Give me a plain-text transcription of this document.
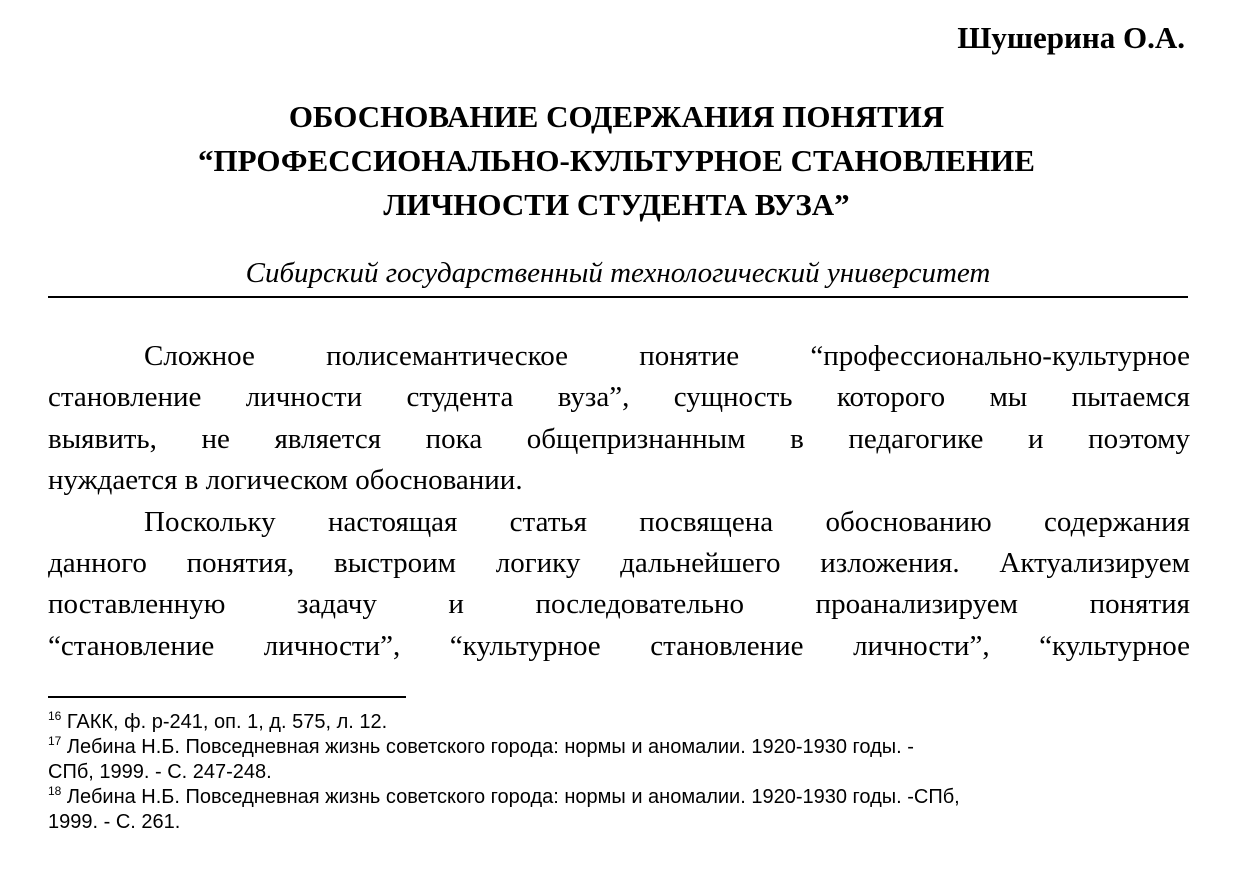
Шушерина О.А.
ОБОСНОВАНИЕ СОДЕРЖАНИЯ ПОНЯТИЯ
“ПРОФЕССИОНАЛЬНО-КУЛЬТУРНОЕ СТАНОВЛЕНИЕ
ЛИЧНОСТИ СТУДЕНТА ВУЗА”
Сибирский государственный технологический университет
Сложное полисемантическое понятие “профессионально-культурное
становление личности студента вуза”, сущность которого мы пытаемся
выявить, не является пока общепризнанным в педагогике и поэтому
нуждается в логическом обосновании.
Поскольку настоящая статья посвящена обоснованию содержания
данного понятия, выстроим логику дальнейшего изложения. Актуализируем
поставленную задачу и последовательно проанализируем понятия
“становление личности”, “культурное становление личности”, “культурное
$^{16}$ ГАКК, ф. р-241, оп. 1, д. 575, л. 12.
$^{17}$ Лебина Н.Б. Повседневная жизнь советского города: нормы и аномалии. 1920-1930 годы. -
СПб, 1999. - С. 247-248.
$^{18}$ Лебина Н.Б. Повседневная жизнь советского города: нормы и аномалии. 1920-1930 годы. -СПб,
1999. - С. 261.
